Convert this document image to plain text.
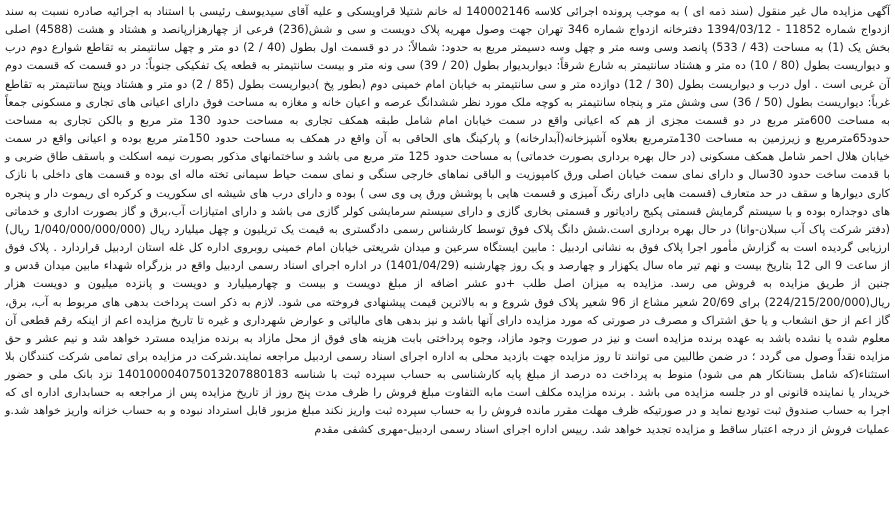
آگهی مزایده مال غیر منقول (سند ذمه ای ) به موجب پرونده اجرائی کلاسه 140002146 له خانم شتیلا قراویسکی و علیه آقای سیدیوسف رئیسی با استناد به اجرائیه صادره نسبت به سند ازدواج شماره 11852 - 1394/03/12 دفترخانه ازدواج شماره 346 تهران جهت وصول مهریه پلاک دویست و سی و شش(236) فرعی از چهارهزارپانصد و هشتاد و هشت (4588) اصلی بخش یک (1) به مساحت (43 / 533) پانصد وسی وسه متر و چهل وسه دسیمتر مربع به حدود: شمالاً: در دو قسمت اول بطول (40 / 2) دو متر و چهل سانتیمتر به تقاطع شوارع دوم درب و دیواریست بطول (80 / 10) ده متر و هشتاد سانتیمتر به شارع شرقاً: دیواربدیوار بطول (20 / 39) سی ونه متر و بیست سانتیمتر به قطعه یک تفکیکی جنوباً: در دو قسمت که قسمت دوم آن غربی است . اول درب و دیواریست بطول (30 / 12) دوازده متر و سی سانتیمتر به خیابان امام خمینی دوم (بطور پخ )دیواریست بطول (85 / 2) دو متر و هشتاد وپنج سانتیمتر به تقاطع غرباً: دیواریست بطول (50 / 36) سی وشش متر و پنجاه سانتیمتر به کوچه ملک مورد نظر ششدانگ عرصه و اعیان خانه و مغازه به مساحت فوق دارای اعیانی های تجاری و مسکونی جمعاً به مساحت 600متر مربع در دو قسمت مجزی از هم که اعیانی واقع در سمت خیابان امام شامل طبقه همکف تجاری به مساحت حدود 130 متر مربع و بالکن تجاری به مساحت حدود65مترمربع و زیرزمین به مساحت 130مترمربع بعلاوه آشپزخانه(آبدارخانه) و پارکینگ های الحاقی به آن واقع در همکف به مساحت حدود 150متر مربع بوده و اعیانی واقع در سمت خیابان هلال احمر شامل همکف مسکونی (در حال بهره برداری بصورت خدماتی) به مساحت حدود 125 متر مربع می باشد و ساختمانهای مذکور بصورت نیمه اسکلت و باسقف طاق ضربی و با قدمت ساخت حدود 30سال و دارای نمای سمت خیابان اصلی ورق کامپوزیت و الباقی نماهای خارجی سنگی و نمای سمت حیاط سیمانی تخته ماله ای بوده و قسمت های داخلی با نازک کاری دیوارها و سقف در حد متعارف (قسمت هایی دارای رنگ آمیزی و قسمت هایی با پوشش ورق پی وی سی ) بوده و دارای درب های شیشه ای سکوریت و کرکره ای ریموت دار و پنجره های دوجداره بوده و با سیستم گرمایش قسمتی پکیج رادیاتور و قسمتی بخاری گازی و دارای سیستم سرمایشی کولر گازی می باشد و دارای امتیازات آب،برق و گاز بصورت اداری و خدماتی (دفتر شرکت پاک آب سبلان-وانا) در حال بهره برداری است.شش دانگ پلاک فوق توسط کارشناس رسمی دادگستری به قیمت یک تریلیون و چهل میلیارد ریال (1/040/000/000/000 ریال) ارزیابی گردیده است به گزارش مأمور اجرا پلاک فوق به نشانی اردبیل : مابین ایستگاه سرعین و میدان شریعتی خیابان امام خمینی روبروی اداره کل غله استان اردبیل قراردارد . پلاک فوق از ساعت 9 الی 12 بتاریخ بیست و نهم تیر ماه سال یکهزار و چهارصد و یک روز چهارشنبه (1401/04/29) در اداره اجرای اسناد رسمی اردبیل واقع در بزرگراه شهداء مابین میدان قدس و جنین از طریق مزایده به فروش می رسد. مزایده به میزان اصل طلب +دو عشر اضافه از مبلغ دویست و بیست و چهارمیلیارد و دویست و پانزده میلیون و دویست هزار ریال(224/215/200/000) برای 20/69 شعیر مشاع از 96 شعیر پلاک فوق شروع و به بالاترین قیمت پیشنهادی فروخته می شود. لازم به ذکر است پرداخت بدهی های مربوط به آب، برق، گاز اعم از حق انشعاب و یا حق اشتراک و مصرف در صورتی که مورد مزایده دارای آنها باشد و نیز بدهی های مالیاتی و عوارض شهرداری و غیره تا تاریخ مزایده اعم از اینکه رقم قطعی آن معلوم شده یا نشده باشد به عهده برنده مزایده است و نیز در صورت وجود مازاد، وجوه پرداختی بابت هزینه های فوق از محل مازاد به برنده مزایده مسترد خواهد شد و نیم عشر و حق مزایده نقداً وصول می گردد ؛ در ضمن طالبین می توانند تا روز مزایده جهت بازدید محلی به اداره اجرای اسناد رسمی اردبیل مراجعه نمایند.شرکت در مزایده برای تمامی شرکت کنندگان بلا استثناء(که شامل بستانکار هم می شود) منوط به پرداخت ده درصد از مبلغ پایه کارشناسی به حساب سپرده ثبت با شناسه 140100004075013207880183 نزد بانک ملی و حضور خریدار یا نماینده قانونی او در جلسه مزایده می باشد . برنده مزایده مکلف است مابه التفاوت مبلغ فروش را ظرف مدت پنج روز از تاریخ مزایده پس از مراجعه به حسابداری اداره ای که اجرا به حساب صندوق ثبت تودیع نماید و در صورتیکه ظرف مهلت مقرر مانده فروش را به حساب سپرده ثبت واریز نکند مبلغ مزبور قابل استرداد نبوده و به حساب خزانه واریز خواهد شد.و عملیات فروش از درجه اعتبار ساقط و مزایده تجدید خواهد شد. رییس اداره اجرای اسناد رسمی اردبیل-مهری کشفی مقدم
